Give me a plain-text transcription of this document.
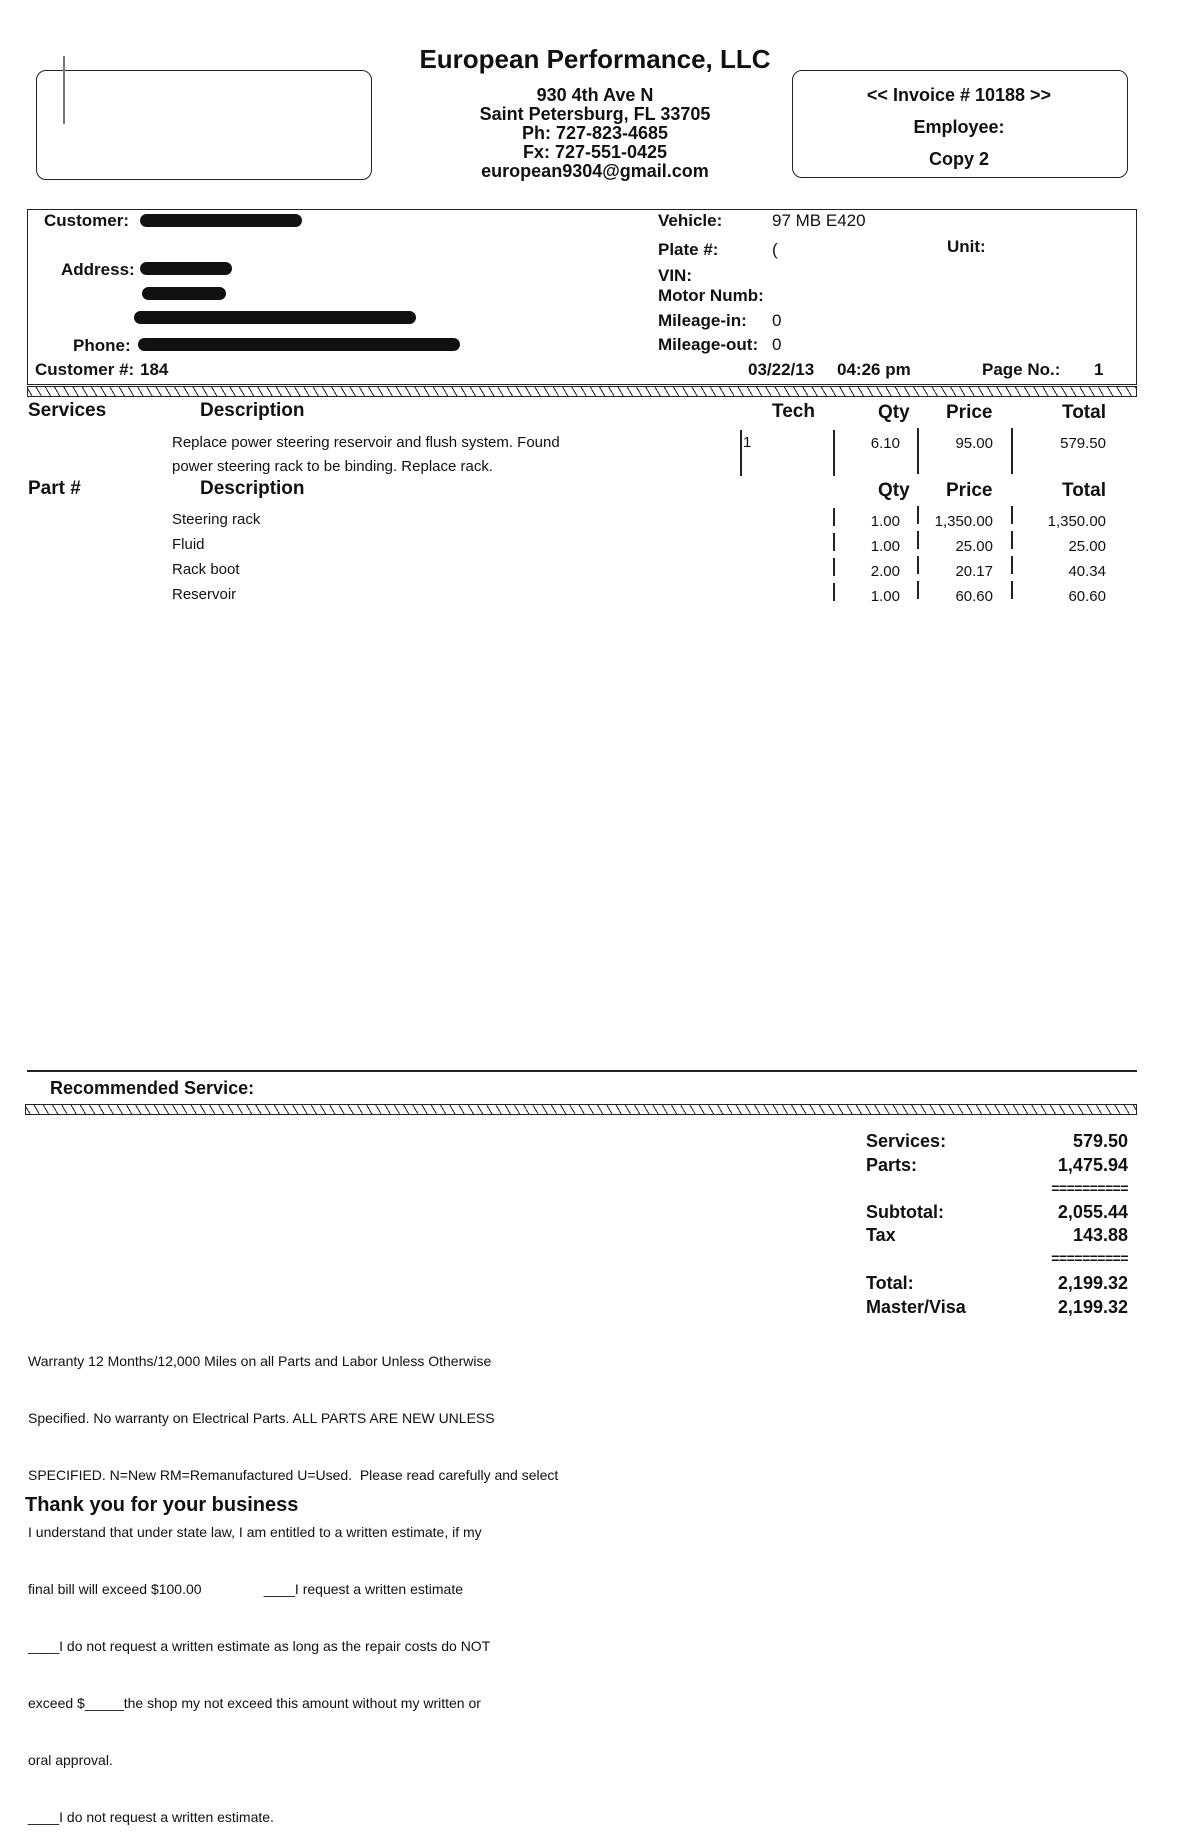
European Performance, LLC
930 4th Ave N
Saint Petersburg, FL 33705
Ph: 727-823-4685
Fx: 727-551-0425
european9304@gmail.com
<< Invoice # 10188 >>
Employee:
Copy 2
Customer:
Address:
Phone:
Customer #: 184
Vehicle:	97 MB E420
Plate #:	(	Unit:
VIN:
Motor Numb:
Mileage-in: 0
Mileage-out: 0
03/22/13 04:26 pm	Page No.: 1
Services	Description	Tech	Qty Price	Total
Replace power steering reservoir and flush system. Found
power steering rack to be binding. Replace rack.
1	6.10	95.00	579.50
Part #	Description	Qty Price	Total
Steering rack	1.00	1,350.00	1,350.00
Fluid	1.00	25.00	25.00
Rack boot	2.00	20.17	40.34
Reservoir	1.00	60.60	60.60
Recommended Service:
Services:	579.50
Parts:	1,475.94
==========
Subtotal:	2,055.44
Tax	143.88
==========
Total:	2,199.32
Master/Visa	2,199.32

Warranty 12 Months/12,000 Miles on all Parts and Labor Unless Otherwise

Specified. No warranty on Electrical Parts. ALL PARTS ARE NEW UNLESS

SPECIFIED. N=New RM=Remanufactured U=Used.  Please read carefully and select

I understand that under state law, I am entitled to a written estimate, if my

final bill will exceed $100.00                ____I request a written estimate

____I do not request a written estimate as long as the repair costs do NOT

exceed $_____the shop my not exceed this amount without my written or

oral approval.

____I do not request a written estimate.

Thank you for your business
